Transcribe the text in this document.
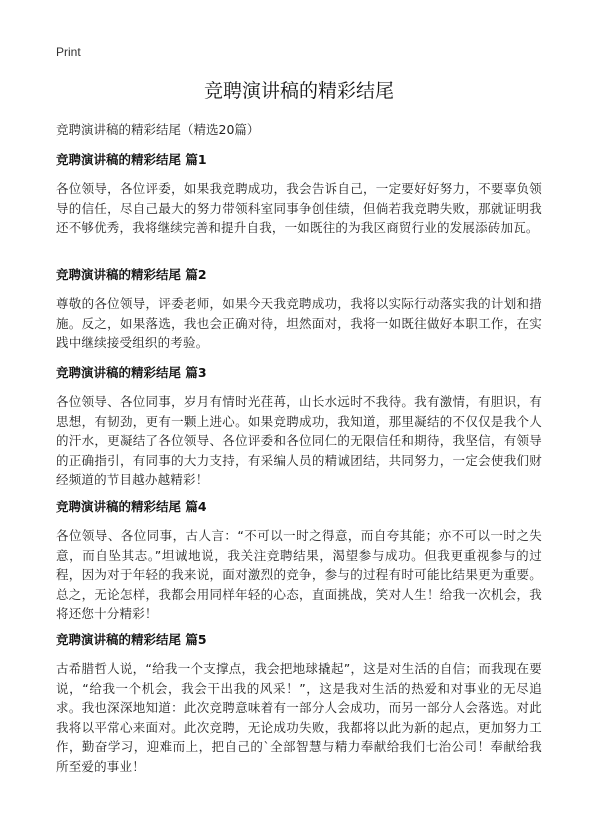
Print
竞聘演讲稿的精彩结尾
竞聘演讲稿的精彩结尾（精选20篇）
竞聘演讲稿的精彩结尾 篇1

各位领导，各位评委，如果我竞聘成功，我会告诉自己，一定要好好努力，不要辜负领导的信任，尽自己最大的努力带领科室同事争创佳绩，但倘若我竞聘失败，那就证明我还不够优秀，我将继续完善和提升自我，一如既往的为我区商贸行业的发展添砖加瓦。

竞聘演讲稿的精彩结尾 篇2

尊敬的各位领导，评委老师，如果今天我竞聘成功，我将以实际行动落实我的计划和措施。反之，如果落选，我也会正确对待，坦然面对，我将一如既往做好本职工作，在实践中继续接受组织的考验。

竞聘演讲稿的精彩结尾 篇3

各位领导、各位同事，岁月有情时光荏苒，山长水远时不我待。我有激情，有胆识，有思想，有韧劲，更有一颗上进心。如果竞聘成功，我知道，那里凝结的不仅仅是我个人的汗水，更凝结了各位领导、各位评委和各位同仁的无限信任和期待，我坚信，有领导的正确指引，有同事的大力支持，有采编人员的精诚团结，共同努力，一定会使我们财经频道的节目越办越精彩！

竞聘演讲稿的精彩结尾 篇4

各位领导、各位同事，古人言：“不可以一时之得意，而自夸其能；亦不可以一时之失意，而自坠其志。”坦诚地说，我关注竞聘结果，渴望参与成功。但我更重视参与的过程，因为对于年轻的我来说，面对激烈的竞争，参与的过程有时可能比结果更为重要。总之，无论怎样，我都会用同样年轻的心态，直面挑战，笑对人生！给我一次机会，我将还您十分精彩！

竞聘演讲稿的精彩结尾 篇5

古希腊哲人说，“给我一个支撑点，我会把地球撬起”，这是对生活的自信；而我现在要说，“给我一个机会，我会干出我的风采！”，这是我对生活的热爱和对事业的无尽追求。我也深深地知道：此次竞聘意味着有一部分人会成功，而另一部分人会落选。对此我将以平常心来面对。此次竞聘，无论成功失败，我都将以此为新的起点，更加努力工作，勤奋学习，迎难而上，把自己的`全部智慧与精力奉献给我们七治公司！奉献给我所至爱的事业！
